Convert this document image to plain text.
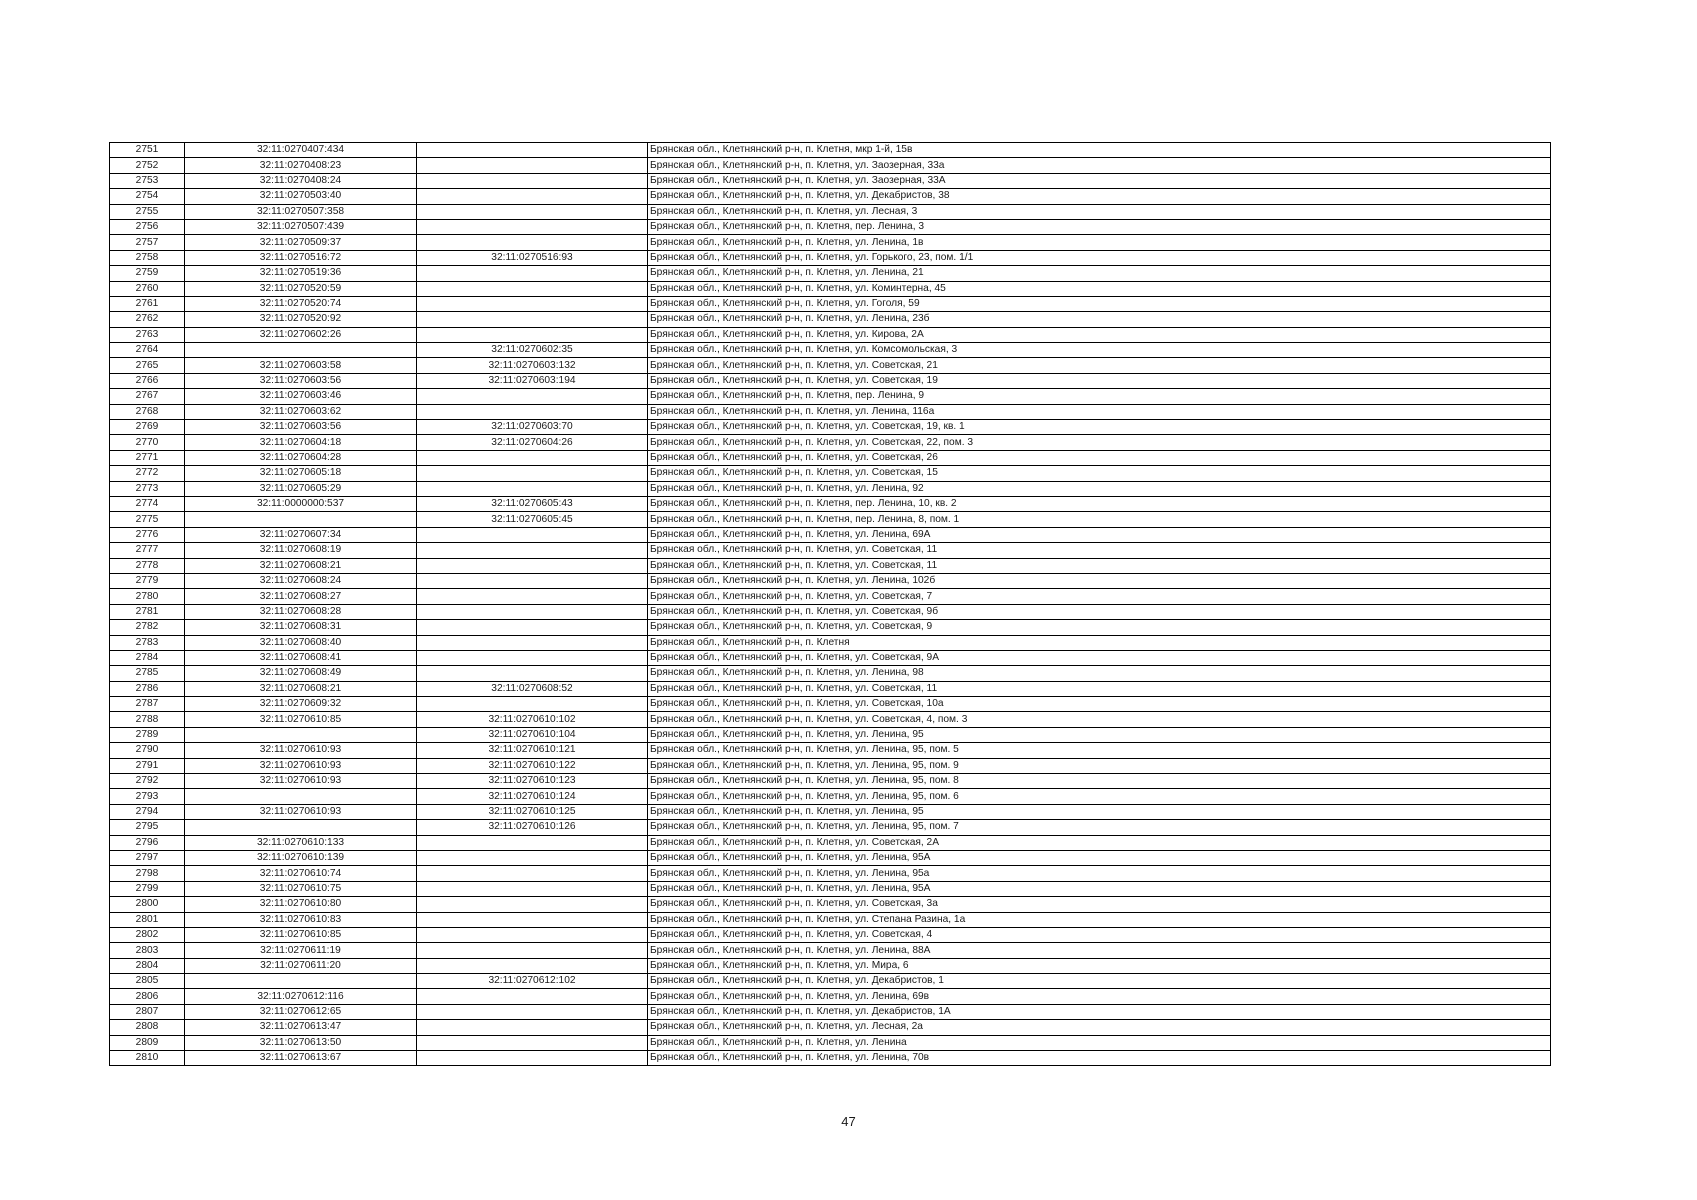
2751	32:11:0270407:434		Брянская обл., Клетнянский р-н, п. Клетня, мкр 1-й, 15в
2752	32:11:0270408:23		Брянская обл., Клетнянский р-н, п. Клетня, ул. Заозерная, 33а
2753	32:11:0270408:24		Брянская обл., Клетнянский р-н, п. Клетня, ул. Заозерная, 33А
2754	32:11:0270503:40		Брянская обл., Клетнянский р-н, п. Клетня, ул. Декабристов, 38
2755	32:11:0270507:358		Брянская обл., Клетнянский р-н, п. Клетня, ул. Лесная, 3
2756	32:11:0270507:439		Брянская обл., Клетнянский р-н, п. Клетня, пер. Ленина, 3
2757	32:11:0270509:37		Брянская обл., Клетнянский р-н, п. Клетня, ул. Ленина, 1в
2758	32:11:0270516:72	32:11:0270516:93	Брянская обл., Клетнянский р-н, п. Клетня, ул. Горького, 23, пом. 1/1
2759	32:11:0270519:36		Брянская обл., Клетнянский р-н, п. Клетня, ул. Ленина, 21
2760	32:11:0270520:59		Брянская обл., Клетнянский р-н, п. Клетня, ул. Коминтерна, 45
2761	32:11:0270520:74		Брянская обл., Клетнянский р-н, п. Клетня, ул. Гоголя, 59
2762	32:11:0270520:92		Брянская обл., Клетнянский р-н, п. Клетня, ул. Ленина, 23б
2763	32:11:0270602:26		Брянская обл., Клетнянский р-н, п. Клетня, ул. Кирова, 2А
2764		32:11:0270602:35	Брянская обл., Клетнянский р-н, п. Клетня, ул. Комсомольская, 3
2765	32:11:0270603:58	32:11:0270603:132	Брянская обл., Клетнянский р-н, п. Клетня, ул. Советская, 21
2766	32:11:0270603:56	32:11:0270603:194	Брянская обл., Клетнянский р-н, п. Клетня, ул. Советская, 19
2767	32:11:0270603:46		Брянская обл., Клетнянский р-н, п. Клетня, пер. Ленина, 9
2768	32:11:0270603:62		Брянская обл., Клетнянский р-н, п. Клетня, ул. Ленина, 116а
2769	32:11:0270603:56	32:11:0270603:70	Брянская обл., Клетнянский р-н, п. Клетня, ул. Советская, 19, кв. 1
2770	32:11:0270604:18	32:11:0270604:26	Брянская обл., Клетнянский р-н, п. Клетня, ул. Советская, 22, пом. 3
2771	32:11:0270604:28		Брянская обл., Клетнянский р-н, п. Клетня, ул. Советская, 26
2772	32:11:0270605:18		Брянская обл., Клетнянский р-н, п. Клетня, ул. Советская, 15
2773	32:11:0270605:29		Брянская обл., Клетнянский р-н, п. Клетня, ул. Ленина, 92
2774	32:11:0000000:537	32:11:0270605:43	Брянская обл., Клетнянский р-н, п. Клетня, пер. Ленина, 10, кв. 2
2775		32:11:0270605:45	Брянская обл., Клетнянский р-н, п. Клетня, пер. Ленина, 8, пом. 1
2776	32:11:0270607:34		Брянская обл., Клетнянский р-н, п. Клетня, ул. Ленина, 69А
2777	32:11:0270608:19		Брянская обл., Клетнянский р-н, п. Клетня, ул. Советская, 11
2778	32:11:0270608:21		Брянская обл., Клетнянский р-н, п. Клетня, ул. Советская, 11
2779	32:11:0270608:24		Брянская обл., Клетнянский р-н, п. Клетня, ул. Ленина, 102б
2780	32:11:0270608:27		Брянская обл., Клетнянский р-н, п. Клетня, ул. Советская, 7
2781	32:11:0270608:28		Брянская обл., Клетнянский р-н, п. Клетня, ул. Советская, 9б
2782	32:11:0270608:31		Брянская обл., Клетнянский р-н, п. Клетня, ул. Советская, 9
2783	32:11:0270608:40		Брянская обл., Клетнянский р-н, п. Клетня
2784	32:11:0270608:41		Брянская обл., Клетнянский р-н, п. Клетня, ул. Советская, 9А
2785	32:11:0270608:49		Брянская обл., Клетнянский р-н, п. Клетня, ул. Ленина, 98
2786	32:11:0270608:21	32:11:0270608:52	Брянская обл., Клетнянский р-н, п. Клетня, ул. Советская, 11
2787	32:11:0270609:32		Брянская обл., Клетнянский р-н, п. Клетня, ул. Советская, 10а
2788	32:11:0270610:85	32:11:0270610:102	Брянская обл., Клетнянский р-н, п. Клетня, ул. Советская, 4, пом. 3
2789		32:11:0270610:104	Брянская обл., Клетнянский р-н, п. Клетня, ул. Ленина, 95
2790	32:11:0270610:93	32:11:0270610:121	Брянская обл., Клетнянский р-н, п. Клетня, ул. Ленина, 95, пом. 5
2791	32:11:0270610:93	32:11:0270610:122	Брянская обл., Клетнянский р-н, п. Клетня, ул. Ленина, 95, пом. 9
2792	32:11:0270610:93	32:11:0270610:123	Брянская обл., Клетнянский р-н, п. Клетня, ул. Ленина, 95, пом. 8
2793		32:11:0270610:124	Брянская обл., Клетнянский р-н, п. Клетня, ул. Ленина, 95, пом. 6
2794	32:11:0270610:93	32:11:0270610:125	Брянская обл., Клетнянский р-н, п. Клетня, ул. Ленина, 95
2795		32:11:0270610:126	Брянская обл., Клетнянский р-н, п. Клетня, ул. Ленина, 95, пом. 7
2796	32:11:0270610:133		Брянская обл., Клетнянский р-н, п. Клетня, ул. Советская, 2А
2797	32:11:0270610:139		Брянская обл., Клетнянский р-н, п. Клетня, ул. Ленина, 95А
2798	32:11:0270610:74		Брянская обл., Клетнянский р-н, п. Клетня, ул. Ленина, 95а
2799	32:11:0270610:75		Брянская обл., Клетнянский р-н, п. Клетня, ул. Ленина, 95А
2800	32:11:0270610:80		Брянская обл., Клетнянский р-н, п. Клетня, ул. Советская, 3а
2801	32:11:0270610:83		Брянская обл., Клетнянский р-н, п. Клетня, ул. Степана Разина, 1а
2802	32:11:0270610:85		Брянская обл., Клетнянский р-н, п. Клетня, ул. Советская, 4
2803	32:11:0270611:19		Брянская обл., Клетнянский р-н, п. Клетня, ул. Ленина, 88А
2804	32:11:0270611:20		Брянская обл., Клетнянский р-н, п. Клетня, ул. Мира, 6
2805		32:11:0270612:102	Брянская обл., Клетнянский р-н, п. Клетня, ул. Декабристов, 1
2806	32:11:0270612:116		Брянская обл., Клетнянский р-н, п. Клетня, ул. Ленина, 69в
2807	32:11:0270612:65		Брянская обл., Клетнянский р-н, п. Клетня, ул. Декабристов, 1А
2808	32:11:0270613:47		Брянская обл., Клетнянский р-н, п. Клетня, ул. Лесная, 2а
2809	32:11:0270613:50		Брянская обл., Клетнянский р-н, п. Клетня, ул. Ленина
2810	32:11:0270613:67		Брянская обл., Клетнянский р-н, п. Клетня, ул. Ленина, 70в
47
